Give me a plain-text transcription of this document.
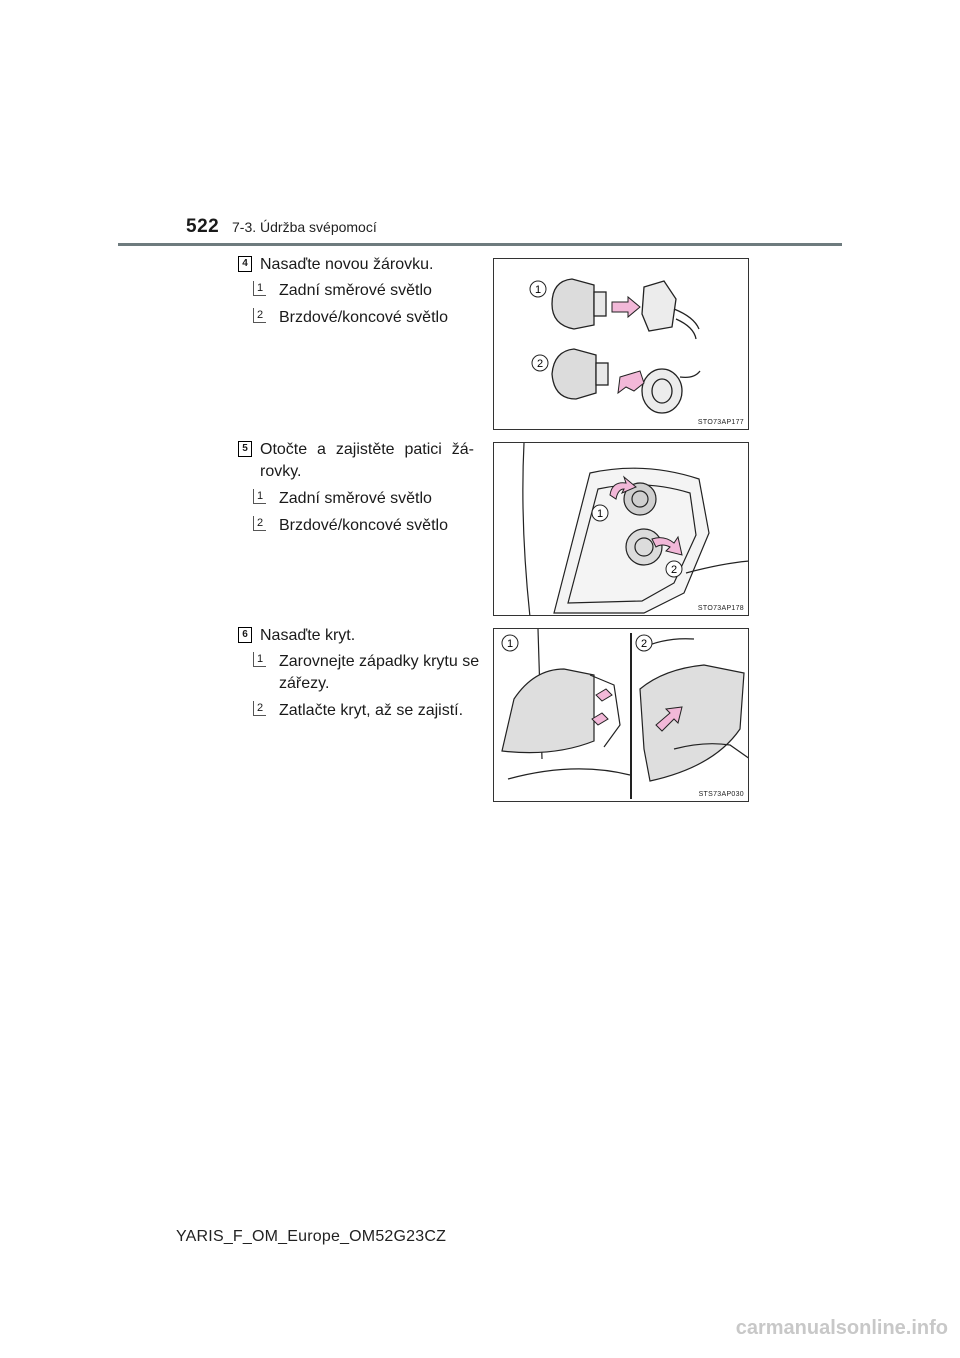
522 7-3. Údržba svépomocí
4 Nasaďte novou žárovku.
1 Zadní směrové světlo
2 Brzdové/koncové světlo
1
2
STO73AP177
5 Otočte a zajistěte patici žá-rovky.
1 Zadní směrové světlo
2 Brzdové/koncové světlo
1
2
STO73AP178
6 Nasaďte kryt.
1 Zarovnejte západky krytu se zářezy.
2 Zatlačte kryt, až se zajistí.
1	2
STS73AP030
YARIS_F_OM_Europe_OM52G23CZ
carmanualsonline.info
